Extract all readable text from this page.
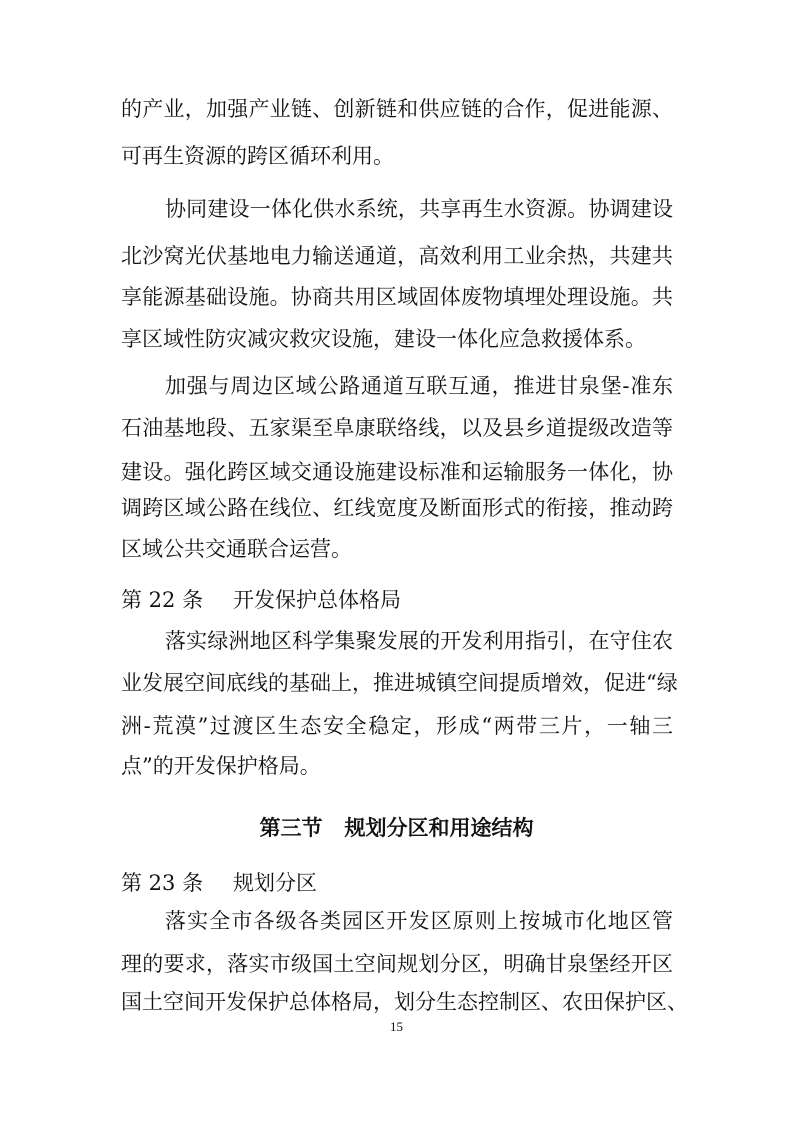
的产业，加强产业链、创新链和供应链的合作，促进能源、
可再生资源的跨区循环利用。
协同建设一体化供水系统，共享再生水资源。协调建设
北沙窝光伏基地电力输送通道，高效利用工业余热，共建共
享能源基础设施。协商共用区域固体废物填埋处理设施。共
享区域性防灾减灾救灾设施，建设一体化应急救援体系。
加强与周边区域公路通道互联互通，推进甘泉堡-准东
石油基地段、五家渠至阜康联络线，以及县乡道提级改造等
建设。强化跨区域交通设施建设标准和运输服务一体化，协
调跨区域公路在线位、红线宽度及断面形式的衔接，推动跨
区域公共交通联合运营。
第 22 条 开发保护总体格局
落实绿洲地区科学集聚发展的开发利用指引，在守住农
业发展空间底线的基础上，推进城镇空间提质增效，促进“绿
洲-荒漠”过渡区生态安全稳定，形成“两带三片，一轴三
点”的开发保护格局。
第三节   规划分区和用途结构
第 23 条 规划分区
落实全市各级各类园区开发区原则上按城市化地区管
理的要求，落实市级国土空间规划分区，明确甘泉堡经开区
国土空间开发保护总体格局，划分生态控制区、农田保护区、
15
